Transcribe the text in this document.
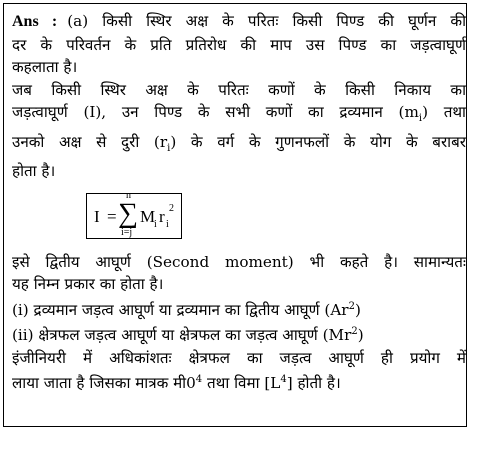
Ans : (a) किसी स्थिर अक्ष के परितः किसी पिण्ड की घूर्णन की
दर के परिवर्तन के प्रति प्रतिरोध की माप उस पिण्ड का जड़त्वाघूर्ण
कहलाता है।
जब किसी स्थिर अक्ष के परितः कणों के किसी निकाय का
जड़त्वाघूर्ण (I), उन पिण्ड के सभी कणों का द्रव्यमान $(m_i)$ तथा
उनको अक्ष से दुरी $(r_i)$ के वर्ग के गुणनफलों के योग के बराबर
होता है।
I =
n
∑
i=j
M
i r i
2
इसे द्वितीय आघूर्ण (Second moment) भी कहते है। सामान्यतः
यह निम्न प्रकार का होता है।
(i) द्रव्यमान जड़त्व आघूर्ण या द्रव्यमान का द्वितीय आघूर्ण (Ar$^2$)
(ii) क्षेत्रफल जड़त्व आघूर्ण या क्षेत्रफल का जड़त्व आघूर्ण (Mr$^2$)
इंजीनियरी में अधिकांशतः क्षेत्रफल का जड़त्व आघूर्ण ही प्रयोग में
लाया जाता है जिसका मात्रक $मी0^4$ तथा विमा $[L^4]$ होती है।
